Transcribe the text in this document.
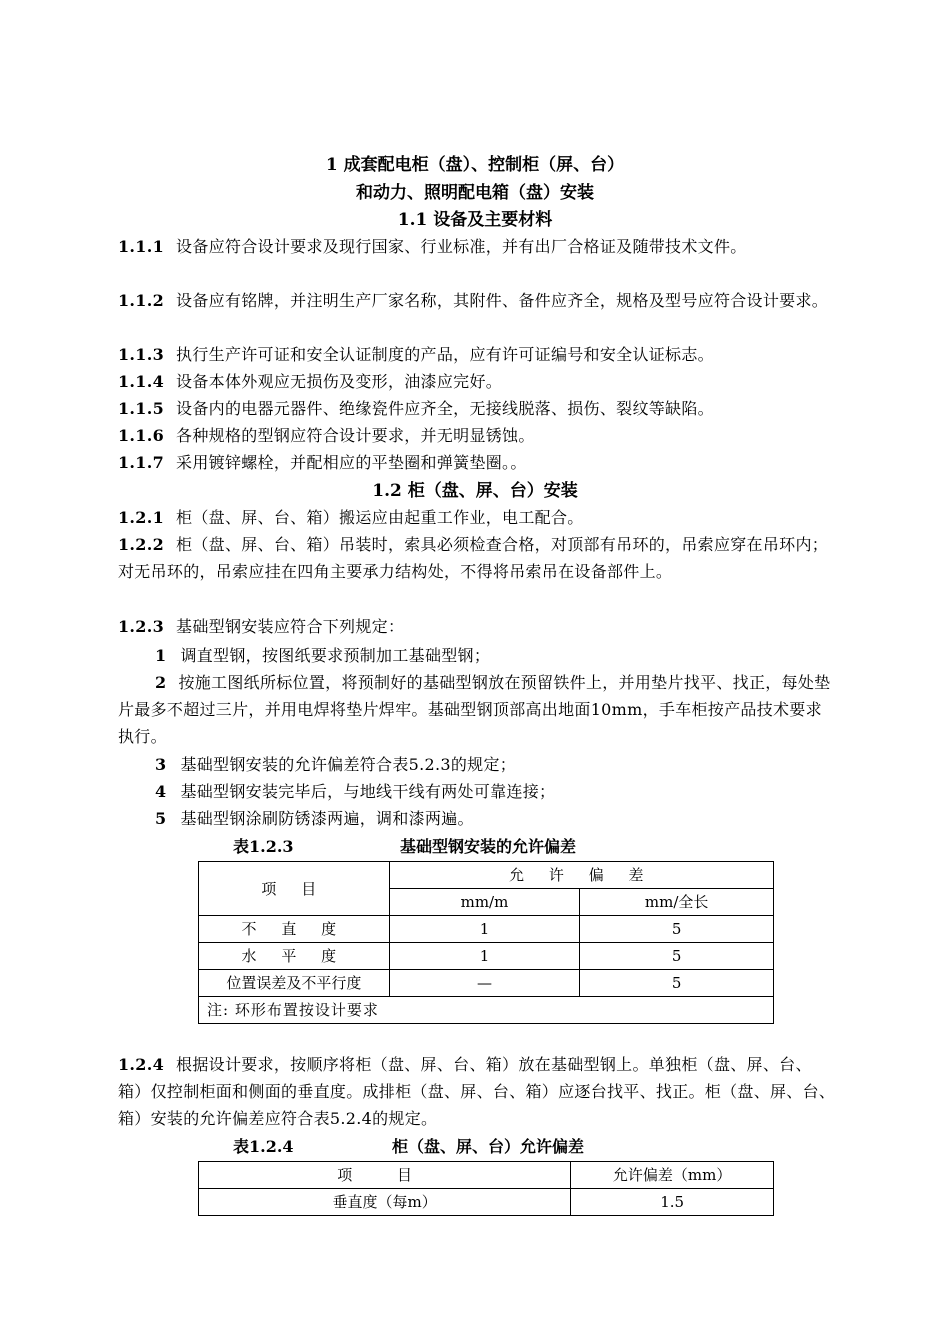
1 成套配电柜（盘）、控制柜（屏、台）
和动力、照明配电箱（盘）安装
1.1 设备及主要材料
1.1.1 设备应符合设计要求及现行国家、行业标准，并有出厂合格证及随带技术文件。
1.1.2 设备应有铭牌，并注明生产厂家名称，其附件、备件应齐全，规格及型号应符合设计要求。
1.1.3 执行生产许可证和安全认证制度的产品，应有许可证编号和安全认证标志。
1.1.4 设备本体外观应无损伤及变形，油漆应完好。
1.1.5 设备内的电器元器件、绝缘瓷件应齐全，无接线脱落、损伤、裂纹等缺陷。
1.1.6 各种规格的型钢应符合设计要求，并无明显锈蚀。
1.1.7 采用镀锌螺栓，并配相应的平垫圈和弹簧垫圈。。
1.2 柜（盘、屏、台）安装
1.2.1 柜（盘、屏、台、箱）搬运应由起重工作业，电工配合。
1.2.2 柜（盘、屏、台、箱）吊装时，索具必须检查合格，对顶部有吊环的，吊索应穿在吊环内；对无吊环的，吊索应挂在四角主要承力结构处，不得将吊索吊在设备部件上。
1.2.3 基础型钢安装应符合下列规定：
1 调直型钢，按图纸要求预制加工基础型钢；
2 按施工图纸所标位置，将预制好的基础型钢放在预留铁件上，并用垫片找平、找正，每处垫片最多不超过三片，并用电焊将垫片焊牢。基础型钢顶部高出地面10mm，手车柜按产品技术要求执行。
3 基础型钢安装的允许偏差符合表5.2.3的规定；
4 基础型钢安装完毕后，与地线干线有两处可靠连接；
5 基础型钢涂刷防锈漆两遍，调和漆两遍。
表1.2.3	基础型钢安装的允许偏差
项 目	允 许 偏 差	
	mm/m	mm/全长
不 直 度	1	5
水 平 度	1	5
位置误差及不平行度	—	5
注: 环形布置按设计要求		
1.2.4 根据设计要求，按顺序将柜（盘、屏、台、箱）放在基础型钢上。单独柜（盘、屏、台、箱）仅控制柜面和侧面的垂直度。成排柜（盘、屏、台、箱）应逐台找平、找正。柜（盘、屏、台、箱）安装的允许偏差应符合表5.2.4的规定。
表1.2.4	柜（盘、屏、台）允许偏差
项 目	允许偏差（mm）
垂直度（每m）	1.5
